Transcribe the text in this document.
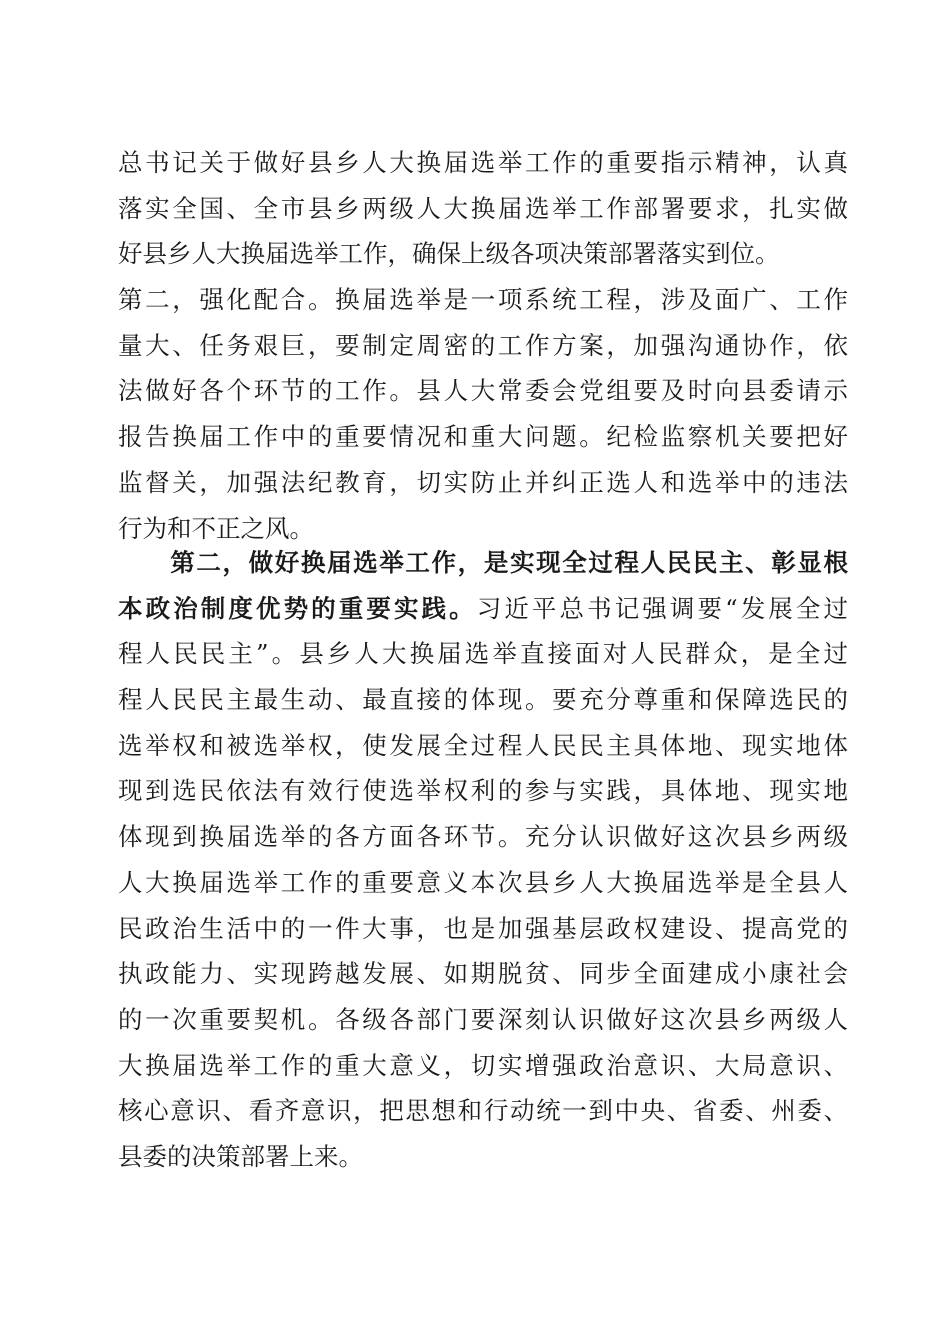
总书记关于做好县乡人大换届选举工作的重要指示精神，认真
落实全国、全市县乡两级人大换届选举工作部署要求，扎实做
好县乡人大换届选举工作，确保上级各项决策部署落实到位。
第二，强化配合。换届选举是一项系统工程，涉及面广、工作
量大、任务艰巨，要制定周密的工作方案，加强沟通协作，依
法做好各个环节的工作。县人大常委会党组要及时向县委请示
报告换届工作中的重要情况和重大问题。纪检监察机关要把好
监督关，加强法纪教育，切实防止并纠正选人和选举中的违法
行为和不正之风。
　　第二，做好换届选举工作，是实现全过程人民民主、彰显根
本政治制度优势的重要实践。习近平总书记强调要“发展全过
程人民民主”。县乡人大换届选举直接面对人民群众，是全过
程人民民主最生动、最直接的体现。要充分尊重和保障选民的
选举权和被选举权，使发展全过程人民民主具体地、现实地体
现到选民依法有效行使选举权利的参与实践，具体地、现实地
体现到换届选举的各方面各环节。充分认识做好这次县乡两级
人大换届选举工作的重要意义本次县乡人大换届选举是全县人
民政治生活中的一件大事，也是加强基层政权建设、提高党的
执政能力、实现跨越发展、如期脱贫、同步全面建成小康社会
的一次重要契机。各级各部门要深刻认识做好这次县乡两级人
大换届选举工作的重大意义，切实增强政治意识、大局意识、
核心意识、看齐意识，把思想和行动统一到中央、省委、州委、
县委的决策部署上来。
